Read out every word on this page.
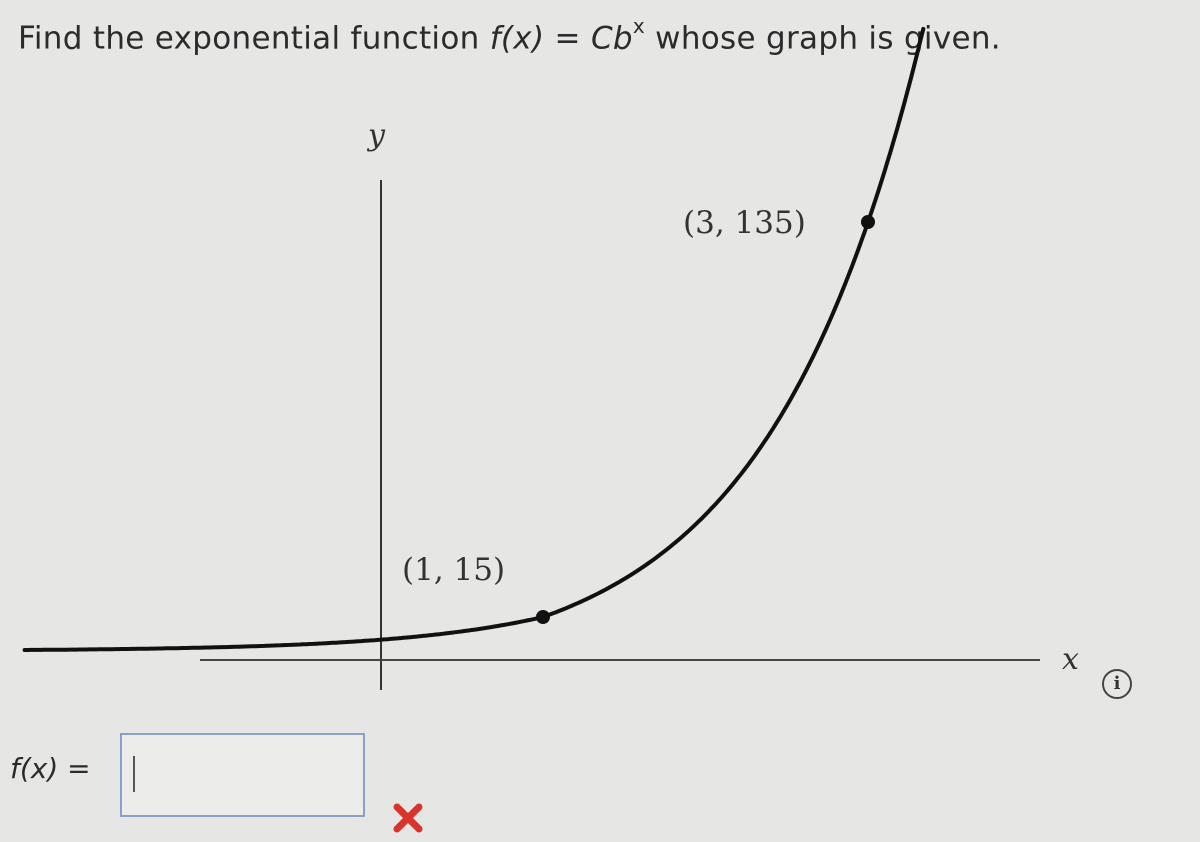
Find the exponential function $f(x) = Cb^x$ whose graph is given.
y
x
(1, 15)
(3, 135)
i
f(x) =
